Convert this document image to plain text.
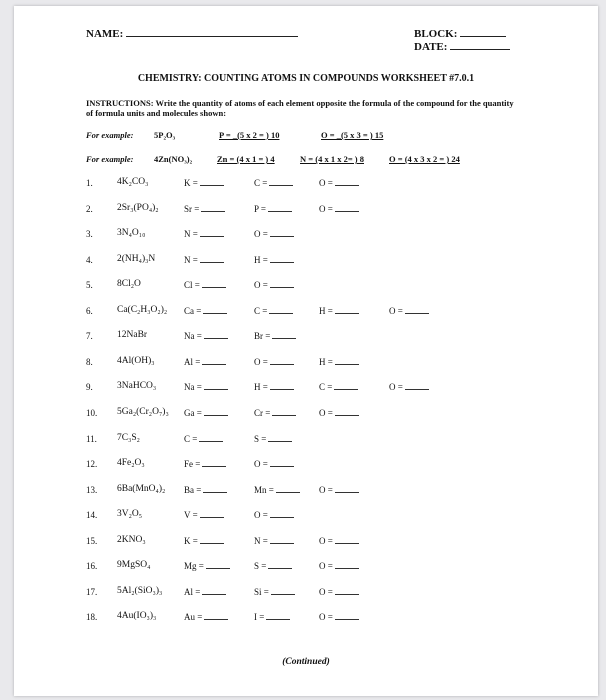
NAME:	BLOCK:
DATE:
CHEMISTRY: COUNTING ATOMS IN COMPOUNDS WORKSHEET #7.0.1
INSTRUCTIONS: Write the quantity of atoms of each element opposite the formula of the compound for the quantity of formula units and molecules shown:
For example: 5P₂O₃	P = _(5 x 2 = ) 10	O = _(5 x 3 = ) 15
For example: 4Zn(NO₃)₂	Zn = (4 x 1 = ) 4	N = (4 x 1 x 2= ) 8	O = (4 x 3 x 2 = ) 24
1.	4K₂CO₃	K =	C =	O =
2.	2Sr₃(PO₄)₂	Sr =	P =	O =
3.	3N₄O₁₀	N =	O =
4.	2(NH₄)₃N	N =	H =
5.	8Cl₂O	Cl =	O =
6.	Ca(C₂H₃O₂)₂ Ca =	C =	H =	O =
7.	12NaBr	Na =	Br =
8.	4Al(OH)₃	Al =	O =	H =
9.	3NaHCO₃	Na =	H =	C =	O =
10. 5Ga₂(Cr₂O₇)₃ Ga =	Cr =	O =
11. 7C₃S₂	C =	S =
12. 4Fe₂O₃	Fe =	O =
13. 6Ba(MnO₄)₂ Ba =	Mn =	O =
14. 3V₂O₅	V =	O =
15. 2KNO₃	K =	N =	O =
16. 9MgSO₄	Mg =	S =	O =
17. 5Al₂(SiO₃)₃ Al =	Si =	O =
18. 4Au(IO₃)₃	Au =	I =	O =
(Continued)
